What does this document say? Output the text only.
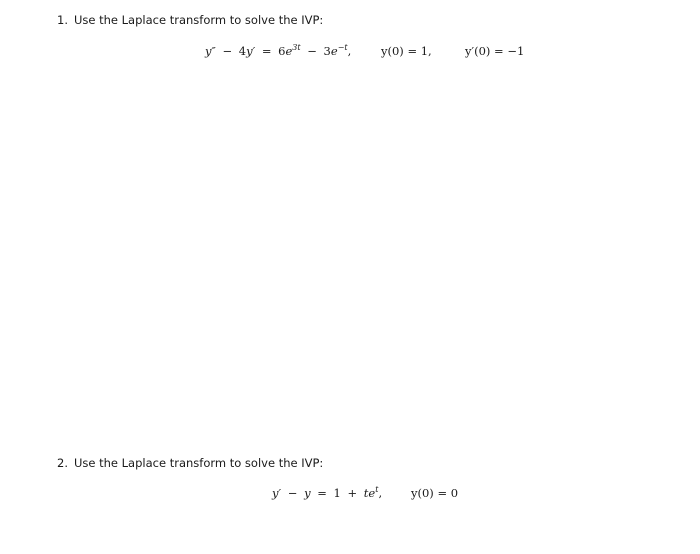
1. Use the Laplace transform to solve the IVP:
$y'' - 4y' = 6e^{3t} - 3e^{-t}$,	y(0) = 1,	y′(0) = −1
2. Use the Laplace transform to solve the IVP:
$y' - y = 1 + te^t$,	y(0) = 0
